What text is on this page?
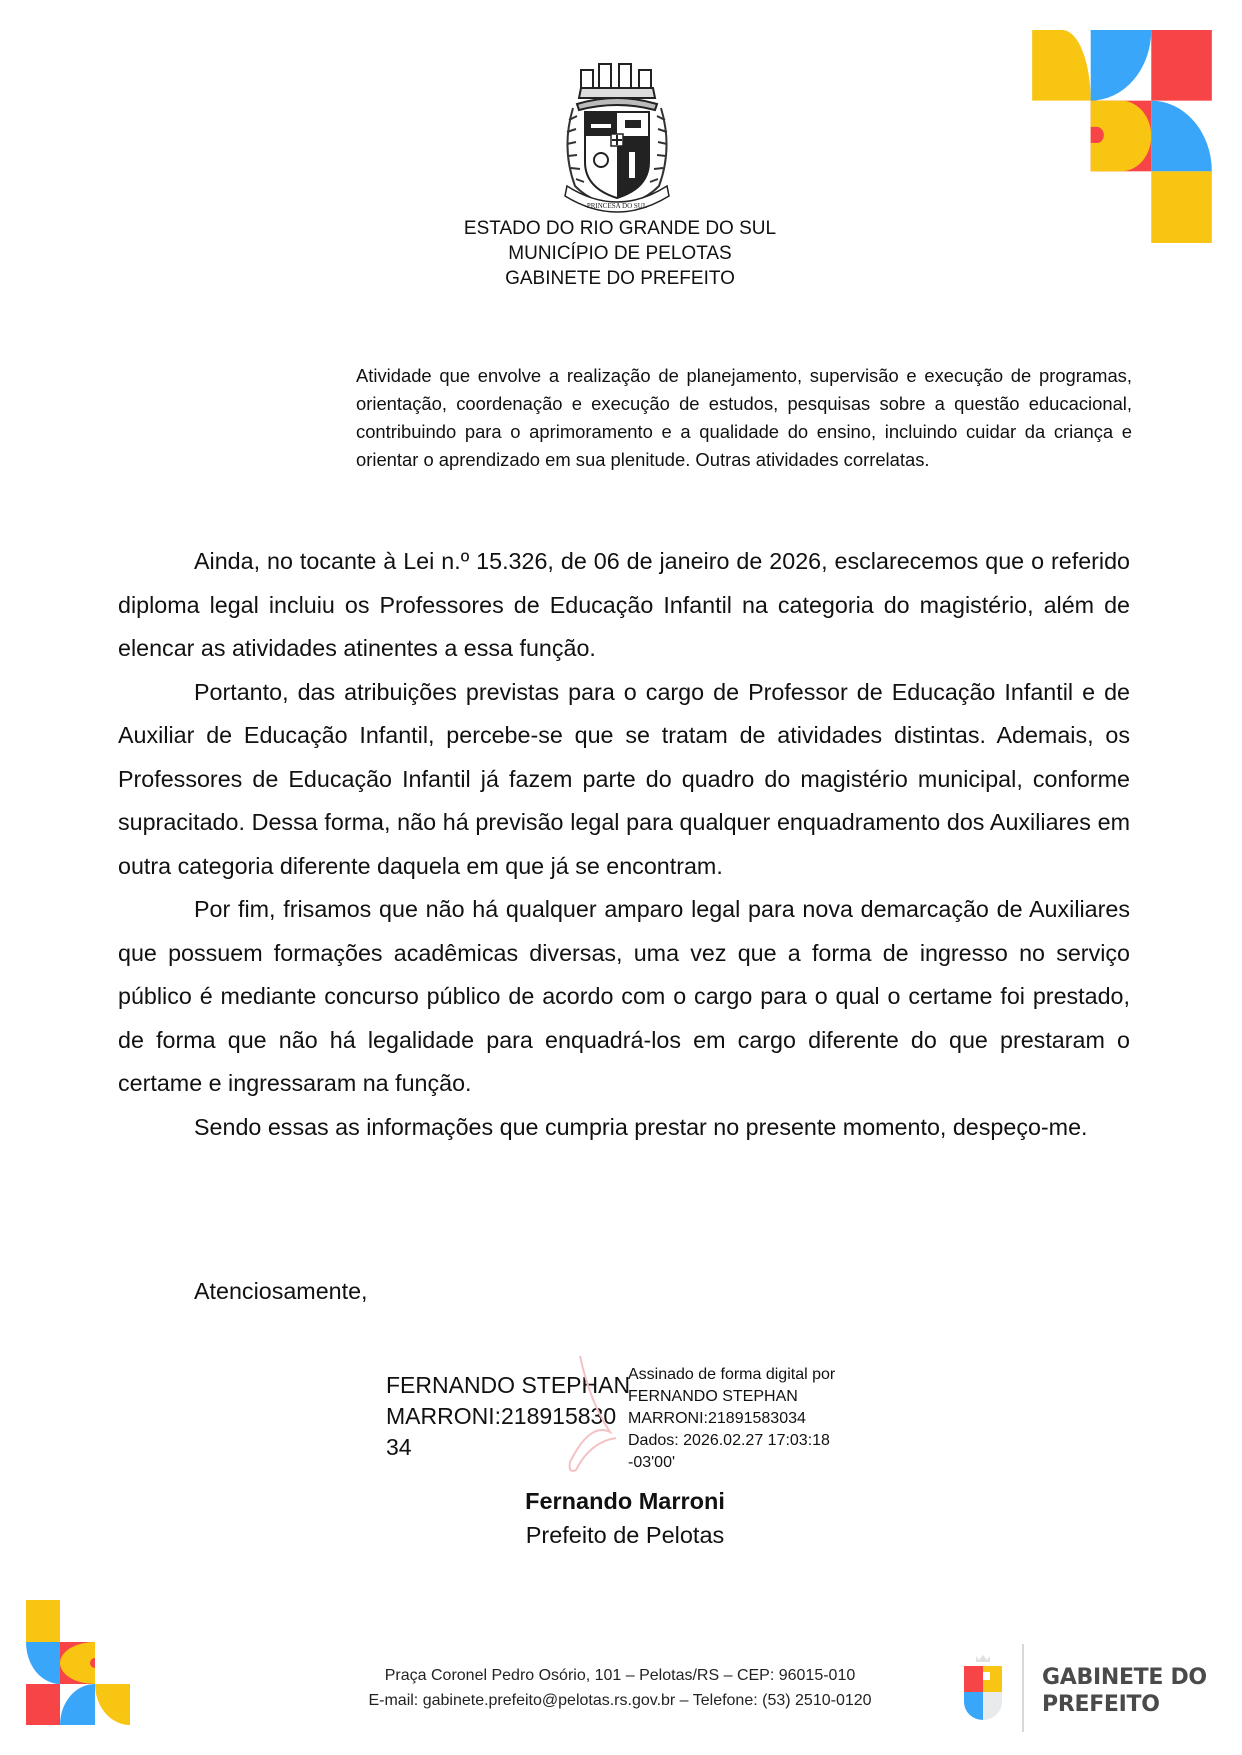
PRINCESA DO SUL
ESTADO DO RIO GRANDE DO SUL
MUNICÍPIO DE PELOTAS
GABINETE DO PREFEITO
Atividade que envolve a realização de planejamento, supervisão e execução de programas, orientação, coordenação e execução de estudos, pesquisas sobre a questão educacional, contribuindo para o aprimoramento e a qualidade do ensino, incluindo cuidar da criança e orientar o aprendizado em sua plenitude. Outras atividades correlatas.

Ainda, no tocante à Lei n.º 15.326, de 06 de janeiro de 2026, esclarecemos que o referido diploma legal incluiu os Professores de Educação Infantil na categoria do magistério, além de elencar as atividades atinentes a essa função.

Portanto, das atribuições previstas para o cargo de Professor de Educação Infantil e de Auxiliar de Educação Infantil, percebe-se que se tratam de atividades distintas. Ademais, os Professores de Educação Infantil já fazem parte do quadro do magistério municipal, conforme supracitado. Dessa forma, não há previsão legal para qualquer enquadramento dos Auxiliares em outra categoria diferente daquela em que já se encontram.

Por fim, frisamos que não há qualquer amparo legal para nova demarcação de Auxiliares que possuem formações acadêmicas diversas, uma vez que a forma de ingresso no serviço público é mediante concurso público de acordo com o cargo para o qual o certame foi prestado, de forma que não há legalidade para enquadrá-los em cargo diferente do que prestaram o certame e ingressaram na função.

Sendo essas as informações que cumpria prestar no presente momento, despeço-me.

Atenciosamente,
FERNANDO STEPHAN
MARRONI:218915830
34
Assinado de forma digital por
FERNANDO STEPHAN
MARRONI:21891583034
Dados: 2026.02.27 17:03:18
-03'00'
Fernando Marroni
Prefeito de Pelotas
Praça Coronel Pedro Osório, 101 – Pelotas/RS – CEP: 96015-010
E-mail: gabinete.prefeito@pelotas.rs.gov.br – Telefone: (53) 2510-0120
GABINETE DO
PREFEITO
